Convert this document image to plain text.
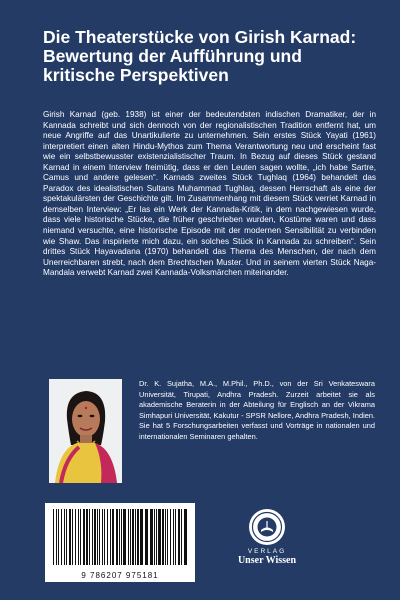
Die Theaterstücke von Girish Karnad: Bewertung der Aufführung und kritische Perspektiven

Girish Karnad (geb. 1938) ist einer der bedeutendsten indischen Dramatiker, der in Kannada schreibt und sich dennoch von der regionalistischen Tradition entfernt hat, um neue Angriffe auf das Unartikulierte zu unternehmen. Sein erstes Stück Yayati (1961) interpretiert einen alten Hindu-Mythos zum Thema Verantwortung neu und erscheint fast wie ein selbstbewusster existenzialistischer Traum. In Bezug auf dieses Stück gestand Karnad in einem Interview freimütig, dass er den Leuten sagen wollte, „ich habe Sartre, Camus und andere gelesen“. Karnads zweites Stück Tughlaq (1964) behandelt das Paradox des idealistischen Sultans Muhammad Tughlaq, dessen Herrschaft als eine der spektakulärsten der Geschichte gilt. Im Zusammenhang mit diesem Stück verriet Karnad in demselben Interview: „Er las ein Werk der Kannada-Kritik, in dem nachgewiesen wurde, dass viele historische Stücke, die früher geschrieben wurden, Kostüme waren und dass niemand versuchte, eine historische Episode mit der modernen Sensibilität zu verbinden wie Shaw. Das inspirierte mich dazu, ein solches Stück in Kannada zu schreiben“. Sein drittes Stück Hayavadana (1970) behandelt das Thema des Menschen, der nach dem Unerreichbaren strebt, nach dem Brechtschen Muster. Und in seinem vierten Stück Naga-Mandala verwebt Karnad zwei Kannada-Volksmärchen miteinander.

Dr. K. Sujatha, M.A., M.Phil., Ph.D., von der Sri Venkateswara Universität, Tirupati, Andhra Pradesh. Zurzeit arbeitet sie als akademische Beraterin in der Abteilung für Englisch an der Vikrama Simhapuri Universität, Kakutur - SPSR Nellore, Andhra Pradesh, Indien. Sie hat 5 Forschungsarbeiten verfasst und Vorträge in nationalen und internationalen Seminaren gehalten.

9 786207 975181
VERLAG
Unser Wissen
